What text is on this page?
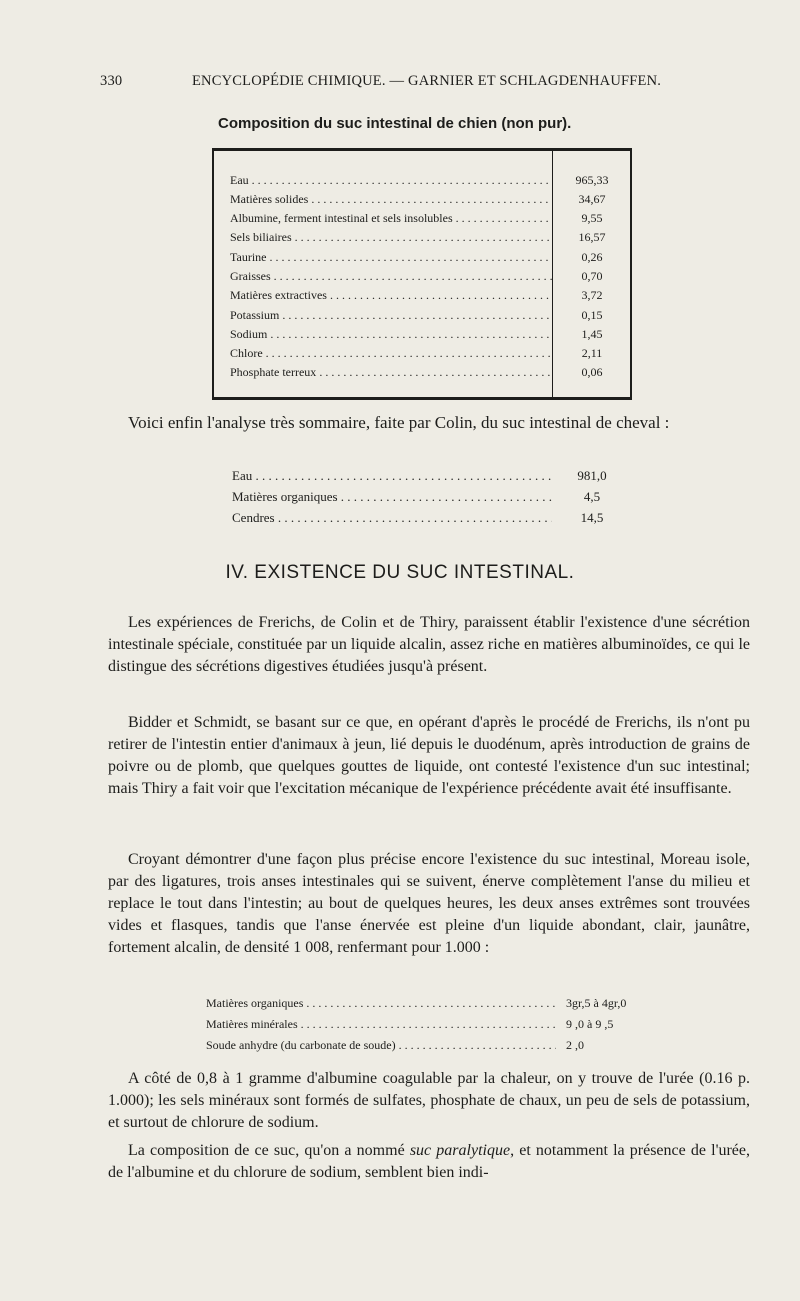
330	ENCYCLOPÉDIE CHIMIQUE. — GARNIER ET SCHLAGDENHAUFFEN.
Composition du suc intestinal de chien (non pur).
Eau . . .	965,33
Matières solides . . .	34,67
Albumine, ferment intestinal et sels insolubles . . .	9,55
Sels biliaires . . .	16,57
Taurine . . .	0,26
Graisses . . .	0,70
Matières extractives . . .	3,72
Potassium . . .	0,15
Sodium . . .	1,45
Chlore . . .	2,11
Phosphate terreux . . .	0,06

Voici enfin l'analyse très sommaire, faite par Colin, du suc intestinal de cheval :

Eau . . .	981,0
Matières organiques . . .	4,5
Cendres . . .	14,5
IV. EXISTENCE DU SUC INTESTINAL.

Les expériences de Frerichs, de Colin et de Thiry, paraissent établir l'existence d'une sécrétion intestinale spéciale, constituée par un liquide alcalin, assez riche en matières albuminoïdes, ce qui le distingue des sécrétions digestives étudiées jusqu'à présent.

Bidder et Schmidt, se basant sur ce que, en opérant d'après le procédé de Frerichs, ils n'ont pu retirer de l'intestin entier d'animaux à jeun, lié depuis le duodénum, après introduction de grains de poivre ou de plomb, que quelques gouttes de liquide, ont contesté l'existence d'un suc intestinal; mais Thiry a fait voir que l'excitation mécanique de l'expérience précédente avait été insuffisante.

Croyant démontrer d'une façon plus précise encore l'existence du suc intestinal, Moreau isole, par des ligatures, trois anses intestinales qui se suivent, énerve complètement l'anse du milieu et replace le tout dans l'intestin; au bout de quelques heures, les deux anses extrêmes sont trouvées vides et flasques, tandis que l'anse énervée est pleine d'un liquide abondant, clair, jaunâtre, fortement alcalin, de densité 1 008, renfermant pour 1.000 :

Matières organiques . . .	3gr,5 à 4gr,0
Matières minérales . . .	9 ,0 à 9 ,5
Soude anhydre (du carbonate de soude) . . .	2 ,0

A côté de 0,8 à 1 gramme d'albumine coagulable par la chaleur, on y trouve de l'urée (0.16 p. 1.000); les sels minéraux sont formés de sulfates, phosphate de chaux, un peu de sels de potassium, et surtout de chlorure de sodium.

La composition de ce suc, qu'on a nommé suc paralytique, et notamment la présence de l'urée, de l'albumine et du chlorure de sodium, semblent bien indi-
